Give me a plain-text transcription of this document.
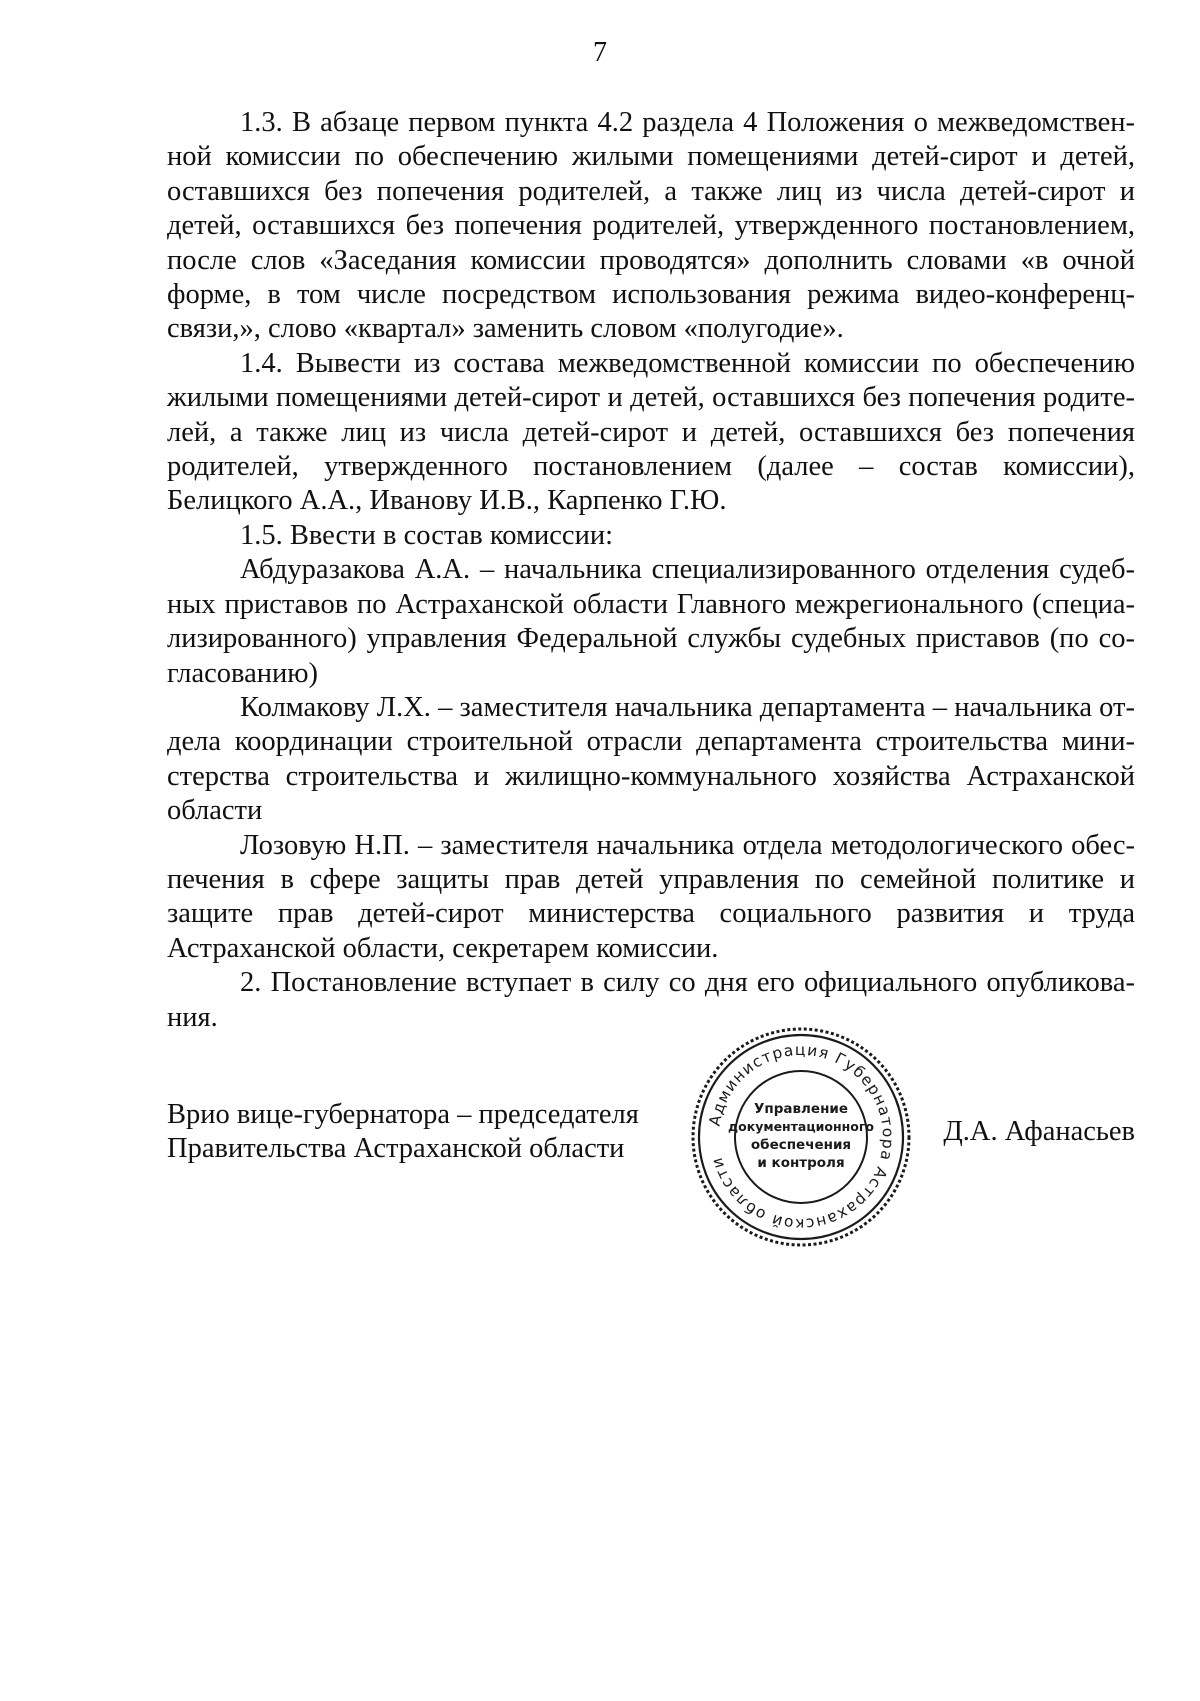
7

1.3. В абзаце первом пункта 4.2 раздела 4 Положения о межведомственной комиссии по обеспечению жилыми помещениями детей-сирот и детей, оставшихся без попечения родителей, а также лиц из числа детей-сирот и детей, оставшихся без попечения родителей, утвержденного постановлением, после слов «Заседания комиссии проводятся» дополнить словами «в очной форме, в том числе посредством использования режима видео-конференц-связи,», слово «квартал» заменить словом «полугодие».

1.4. Вывести из состава межведомственной комиссии по обеспечению жилыми помещениями детей-сирот и детей, оставшихся без попечения родителей, а также лиц из числа детей-сирот и детей, оставшихся без попечения родителей, утвержденного постановлением (далее – состав комиссии), Белицкого А.А., Иванову И.В., Карпенко Г.Ю.

1.5. Ввести в состав комиссии:

Абдуразакова А.А. – начальника специализированного отделения судебных приставов по Астраханской области Главного межрегионального (специализированного) управления Федеральной службы судебных приставов (по согласованию)

Колмакову Л.Х. – заместителя начальника департамента – начальника отдела координации строительной отрасли департамента строительства министерства строительства и жилищно-коммунального хозяйства Астраханской области

Лозовую Н.П. – заместителя начальника отдела методологического обеспечения в сфере защиты прав детей управления по семейной политике и защите прав детей-сирот министерства социального развития и труда Астраханской области, секретарем комиссии.

2. Постановление вступает в силу со дня его официального опубликования.

Врио вице-губернатора – председателя
Правительства Астраханской области
Администрация Губернатора Астраханской области
Управление
документационного
обеспечения
и контроля
Д.А. Афанасьев
